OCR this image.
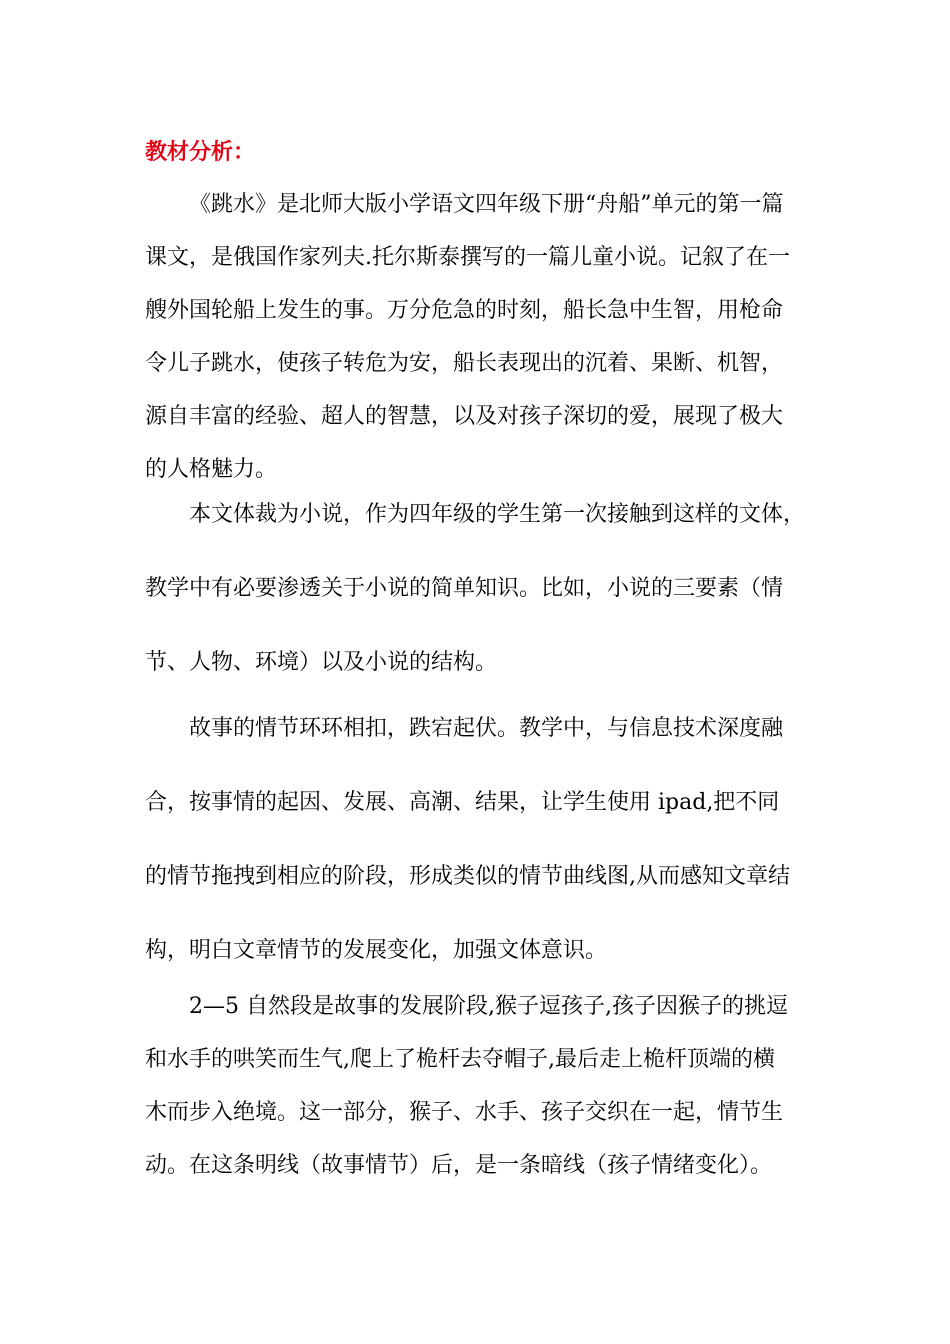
教材分析：
《跳水》是北师大版小学语文四年级下册“舟船”单元的第一篇
课文，是俄国作家列夫.托尔斯泰撰写的一篇儿童小说。记叙了在一
艘外国轮船上发生的事。万分危急的时刻，船长急中生智，用枪命
令儿子跳水，使孩子转危为安，船长表现出的沉着、果断、机智，
源自丰富的经验、超人的智慧，以及对孩子深切的爱，展现了极大
的人格魅力。
本文体裁为小说，作为四年级的学生第一次接触到这样的文体，
教学中有必要渗透关于小说的简单知识。比如，小说的三要素（情
节、人物、环境）以及小说的结构。
故事的情节环环相扣，跌宕起伏。教学中，与信息技术深度融
合，按事情的起因、发展、高潮、结果，让学生使用 ipad,把不同
的情节拖拽到相应的阶段，形成类似的情节曲线图,从而感知文章结
构，明白文章情节的发展变化，加强文体意识。
2—5 自然段是故事的发展阶段,猴子逗孩子,孩子因猴子的挑逗
和水手的哄笑而生气,爬上了桅杆去夺帽子,最后走上桅杆顶端的横
木而步入绝境。这一部分，猴子、水手、孩子交织在一起，情节生
动。在这条明线（故事情节）后，是一条暗线（孩子情绪变化）。
